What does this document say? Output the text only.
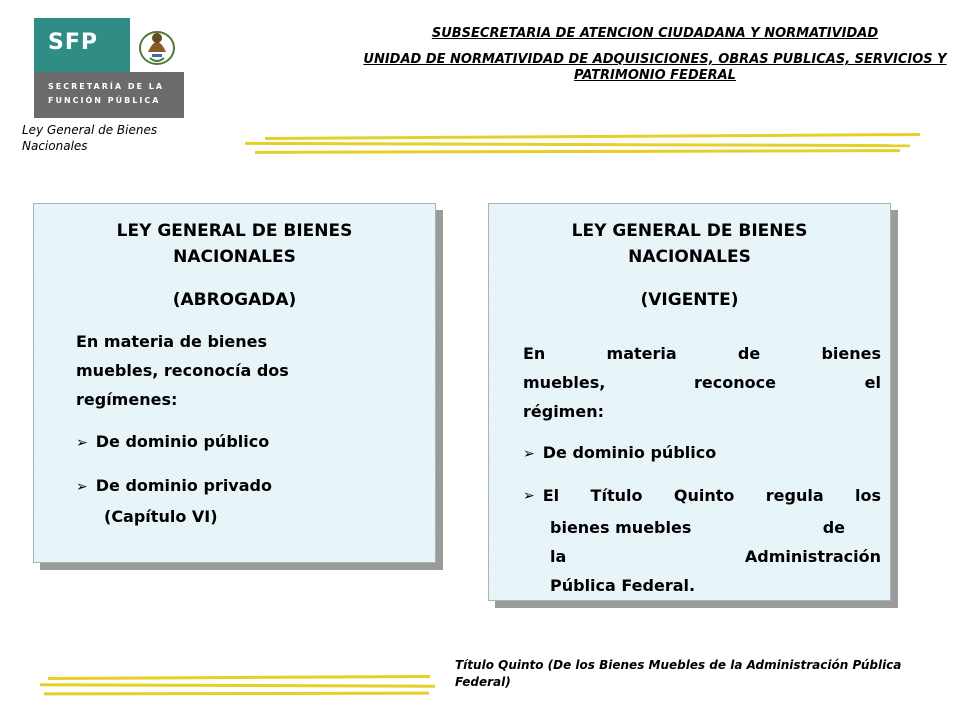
SFP
SECRETARÍA DE LA
FUNCIÓN PÚBLICA
Ley General de Bienes Nacionales
SUBSECRETARIA DE ATENCION CIUDADANA Y NORMATIVIDAD
UNIDAD DE NORMATIVIDAD DE ADQUISICIONES, OBRAS PUBLICAS, SERVICIOS Y PATRIMONIO FEDERAL
LEY GENERAL DE BIENES NACIONALES
(ABROGADA)
En materia de bienes muebles, reconocía dos regímenes:
➢ De dominio público
➢ De dominio privado
(Capítulo VI)
LEY GENERAL DE BIENES NACIONALES
(VIGENTE)
En	materia	de	bienes
muebles,	reconoce	el
régimen:
➢ De dominio público
➢ El Título Quinto regula los
bienes muebles	de
la	Administración
Pública Federal.
Título Quinto (De los Bienes Muebles de la Administración Pública Federal)
